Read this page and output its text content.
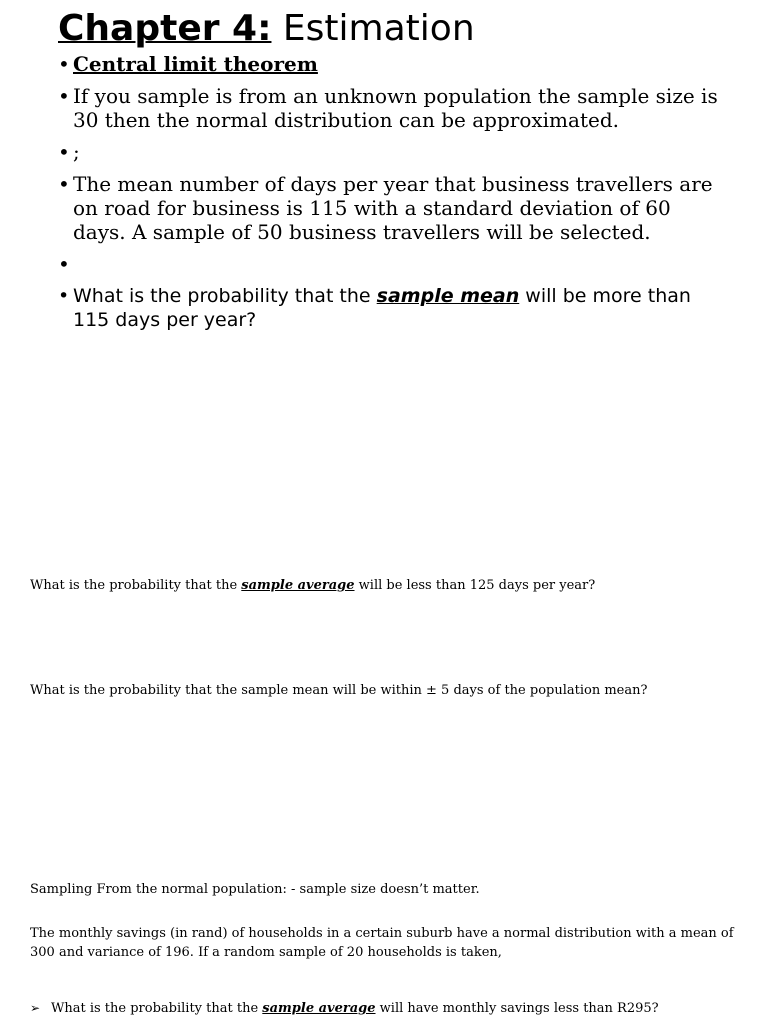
Chapter 4: Estimation
• Central limit theorem
• If you sample is from an unknown population the sample size is 30 then the normal distribution can be approximated.
• ;
• The mean number of days per year that business travellers are on road for business is 115 with a standard deviation of 60 days. A sample of 50 business travellers will be selected.
•
• What is the probability that the sample mean will be more than 115 days per year?

What is the probability that the sample average will be less than 125 days per year?

What is the probability that the sample mean will be within ± 5 days of the population mean?

Sampling From the normal population: - sample size doesn’t matter.

The monthly savings (in rand) of households in a certain suburb have a normal distribution with a mean of 300 and variance of 196. If a random sample of 20 households is taken,

➢ What is the probability that the sample average will have monthly savings less than R295?
